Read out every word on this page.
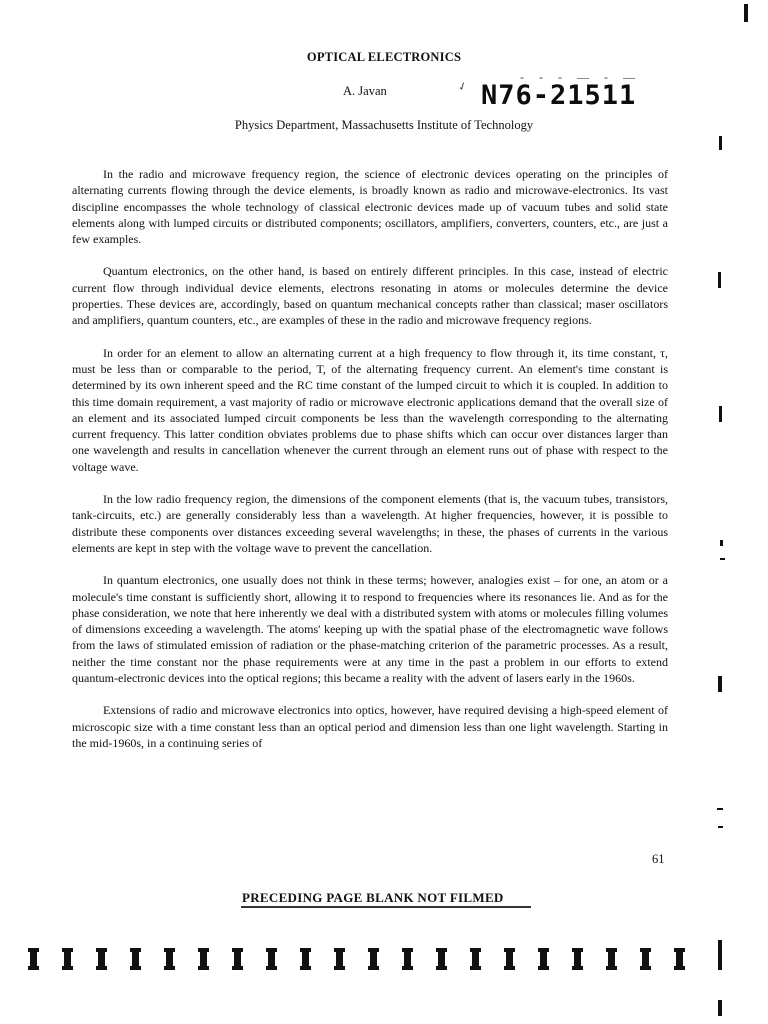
OPTICAL ELECTRONICS
✓
- - - — - —
A. Javan	N76-21511
Physics Department, Massachusetts Institute of Technology

In the radio and microwave frequency region, the science of electronic devices operating on the principles of alternating currents flowing through the device elements, is broadly known as radio and microwave-electronics. Its vast discipline encompasses the whole technology of classical electronic devices made up of vacuum tubes and solid state elements along with lumped circuits or distributed components; oscillators, amplifiers, converters, counters, etc., are just a few examples.

Quantum electronics, on the other hand, is based on entirely different principles. In this case, instead of electric current flow through individual device elements, electrons resonating in atoms or molecules determine the device properties. These devices are, accordingly, based on quantum mechanical concepts rather than classical; maser oscillators and amplifiers, quantum counters, etc., are examples of these in the radio and microwave frequency regions.

In order for an element to allow an alternating current at a high frequency to flow through it, its time constant, τ, must be less than or comparable to the period, T, of the alternating frequency current. An element's time constant is determined by its own inherent speed and the RC time constant of the lumped circuit to which it is coupled. In addition to this time domain requirement, a vast majority of radio or microwave electronic applications demand that the overall size of an element and its associated lumped circuit components be less than the wavelength corresponding to the alternating current frequency. This latter condition obviates problems due to phase shifts which can occur over distances larger than one wavelength and results in cancellation whenever the current through an element runs out of phase with respect to the voltage wave.

In the low radio frequency region, the dimensions of the component elements (that is, the vacuum tubes, transistors, tank-circuits, etc.) are generally considerably less than a wavelength. At higher frequencies, however, it is possible to distribute these components over distances exceeding several wavelengths; in these, the phases of currents in the various elements are kept in step with the voltage wave to prevent the cancellation.

In quantum electronics, one usually does not think in these terms; however, analogies exist – for one, an atom or a molecule's time constant is sufficiently short, allowing it to respond to frequencies where its resonances lie. And as for the phase consideration, we note that here inherently we deal with a distributed system with atoms or molecules filling volumes of dimensions exceeding a wavelength. The atoms' keeping up with the spatial phase of the electromagnetic wave follows from the laws of stimulated emission of radiation or the phase-matching criterion of the parametric processes. As a result, neither the time constant nor the phase requirements were at any time in the past a problem in our efforts to extend quantum-electronic devices into the optical regions; this became a reality with the advent of lasers early in the 1960s.

Extensions of radio and microwave electronics into optics, however, have required devising a high-speed element of microscopic size with a time constant less than an optical period and dimension less than one light wavelength. Starting in the mid-1960s, in a continuing series of

61
PRECEDING PAGE BLANK NOT FILMED
